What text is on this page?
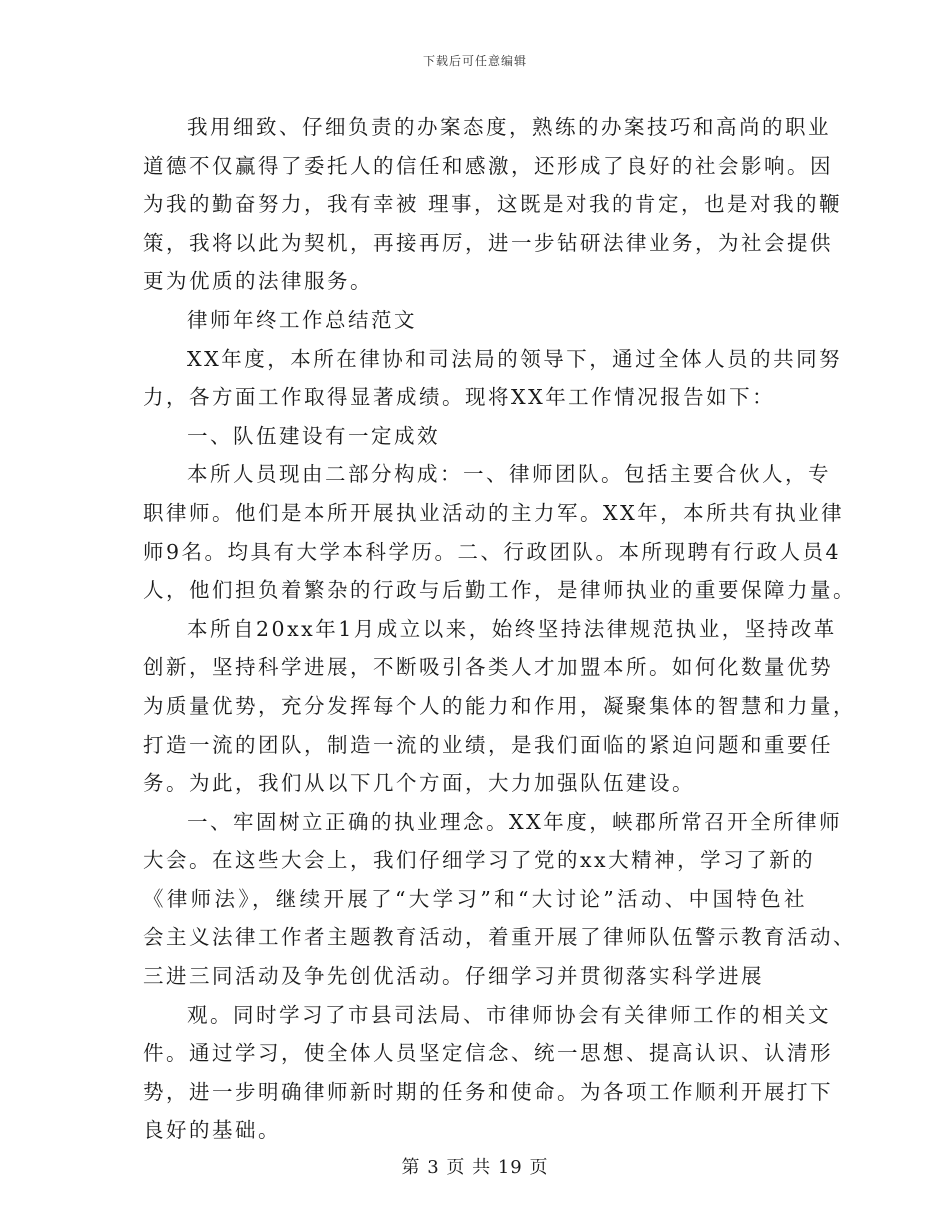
下载后可任意编辑
我用细致、仔细负责的办案态度，熟练的办案技巧和高尚的职业
道德不仅赢得了委托人的信任和感激，还形成了良好的社会影响。因
为我的勤奋努力，我有幸被 理事，这既是对我的肯定，也是对我的鞭
策，我将以此为契机，再接再厉，进一步钻研法律业务，为社会提供
更为优质的法律服务。
律师年终工作总结范文
XX年度，本所在律协和司法局的领导下，通过全体人员的共同努
力，各方面工作取得显著成绩。现将XX年工作情况报告如下：
一、队伍建设有一定成效
本所人员现由二部分构成：一、律师团队。包括主要合伙人，专
职律师。他们是本所开展执业活动的主力军。XX年，本所共有执业律
师9名。均具有大学本科学历。二、行政团队。本所现聘有行政人员4
人，他们担负着繁杂的行政与后勤工作，是律师执业的重要保障力量。
本所自20xx年1月成立以来，始终坚持法律规范执业，坚持改革
创新，坚持科学进展，不断吸引各类人才加盟本所。如何化数量优势
为质量优势，充分发挥每个人的能力和作用，凝聚集体的智慧和力量，
打造一流的团队，制造一流的业绩，是我们面临的紧迫问题和重要任
务。为此，我们从以下几个方面，大力加强队伍建设。
一、牢固树立正确的执业理念。XX年度，峡郡所常召开全所律师
大会。在这些大会上，我们仔细学习了党的xx大精神，学习了新的
《律师法》，继续开展了“大学习”和“大讨论”活动、中国特色社
会主义法律工作者主题教育活动，着重开展了律师队伍警示教育活动、
三进三同活动及争先创优活动。仔细学习并贯彻落实科学进展
观。同时学习了市县司法局、市律师协会有关律师工作的相关文
件。通过学习，使全体人员坚定信念、统一思想、提高认识、认清形
势，进一步明确律师新时期的任务和使命。为各项工作顺利开展打下
良好的基础。
第 3 页 共 19 页
